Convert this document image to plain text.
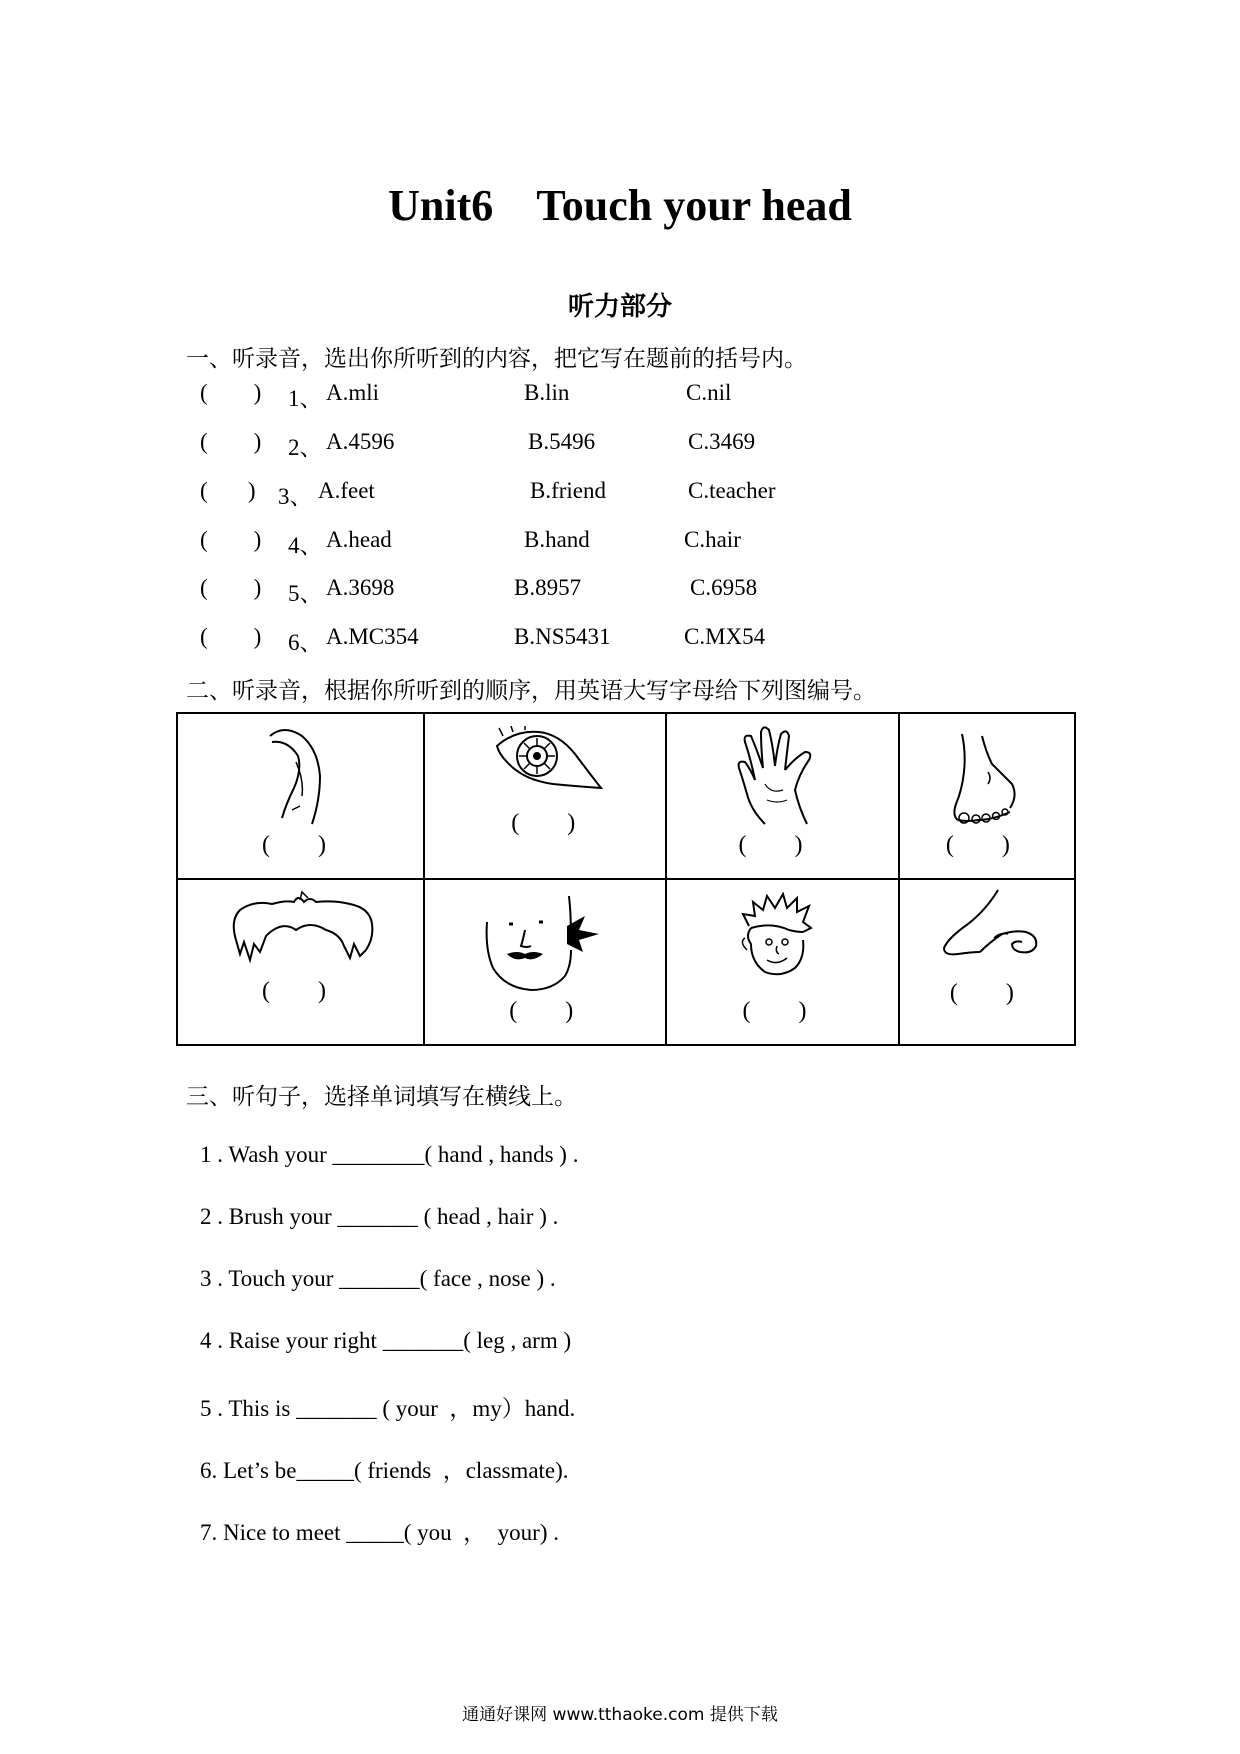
Unit6    Touch your head
听力部分
一、听录音，选出你所听到的内容，把它写在题前的括号内。
(        ) 1、 A.mli	B.lin	C.nil
(        ) 2、 A.4596	B.5496	C.3469
(       ) 3、 A.feet	B.friend	C.teacher
(        ) 4、 A.head	B.hand	C.hair
(        ) 5、 A.3698	B.8957	C.6958
(        ) 6、 A.MC354	B.NS5431	C.MX54
二、听录音，根据你所听到的顺序，用英语大写字母给下列图编号。
(        )	(        )	(        )	(        )

(        )	(        )	(        )	(        )
三、听句子，选择单词填写在横线上。
1 . Wash your ________( hand , hands ) .
2 . Brush your _______ ( head , hair ) .
3 . Touch your _______( face , nose ) .
4 . Raise your right _______( leg , arm )
5 . This is _______ ( your  ，my）hand.
6. Let’s be_____( friends  ，classmate).
7. Nice to meet _____( you  ，  your) .
通通好课网 www.tthaoke.com 提供下载
